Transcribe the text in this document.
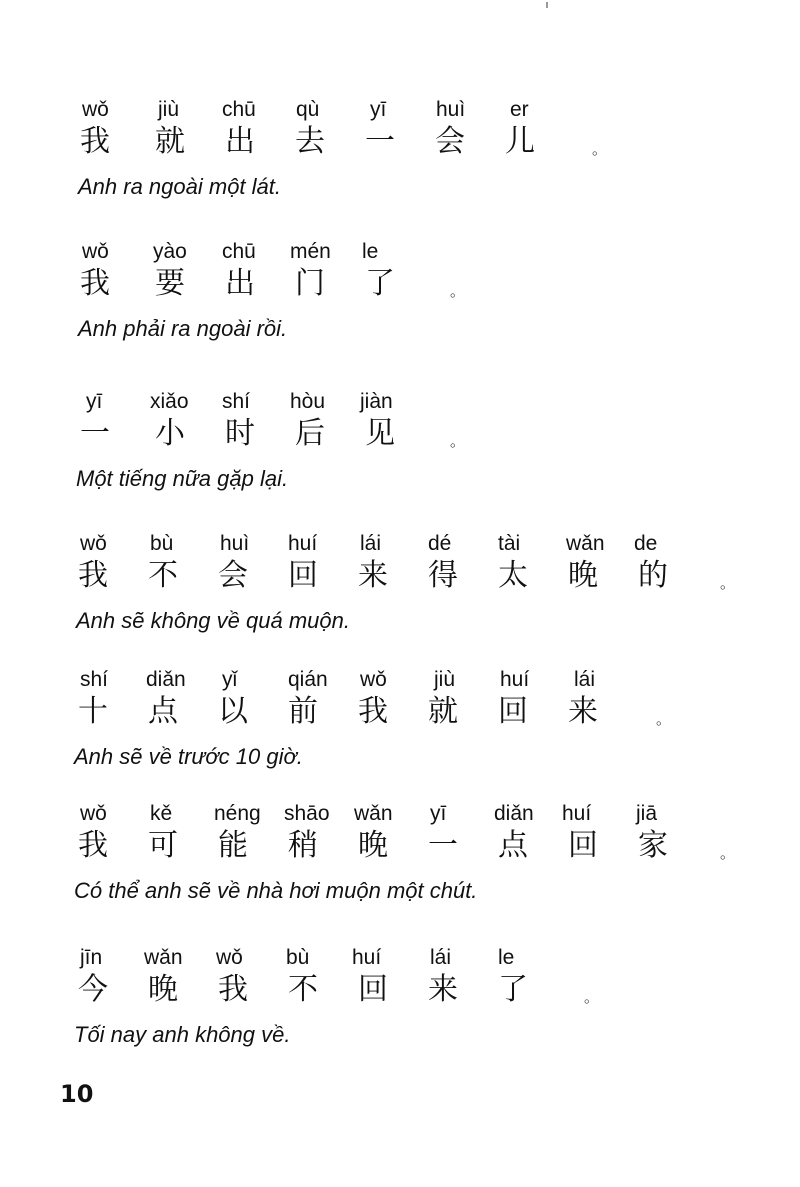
wǒ jiù chū qù yī huì er
我 就 出 去 一 会 儿	。
Anh ra ngoài một lát.
wǒ yào chū mén le
我 要 出 门 了	。
Anh phải ra ngoài rồi.
yī xiǎo shí hòu jiàn
一 小 时 后 见	。
Một tiếng nữa gặp lại.
wǒ bù huì huí lái dé tài wǎn de
我 不 会 回 来 得 太 晚 的	。
Anh sẽ không về quá muộn.
shí diǎn yǐ qián wǒ jiù huí lái
十 点 以 前 我 就 回 来	。
Anh sẽ về trước 10 giờ.
wǒ kě néng shāo wǎn yī diǎn huí jiā
我 可 能 稍 晚 一 点 回 家	。
Có thể anh sẽ về nhà hơi muộn một chút.
jīn wǎn wǒ bù huí lái le
今 晚 我 不 回 来 了	。
Tối nay anh không về.
10
